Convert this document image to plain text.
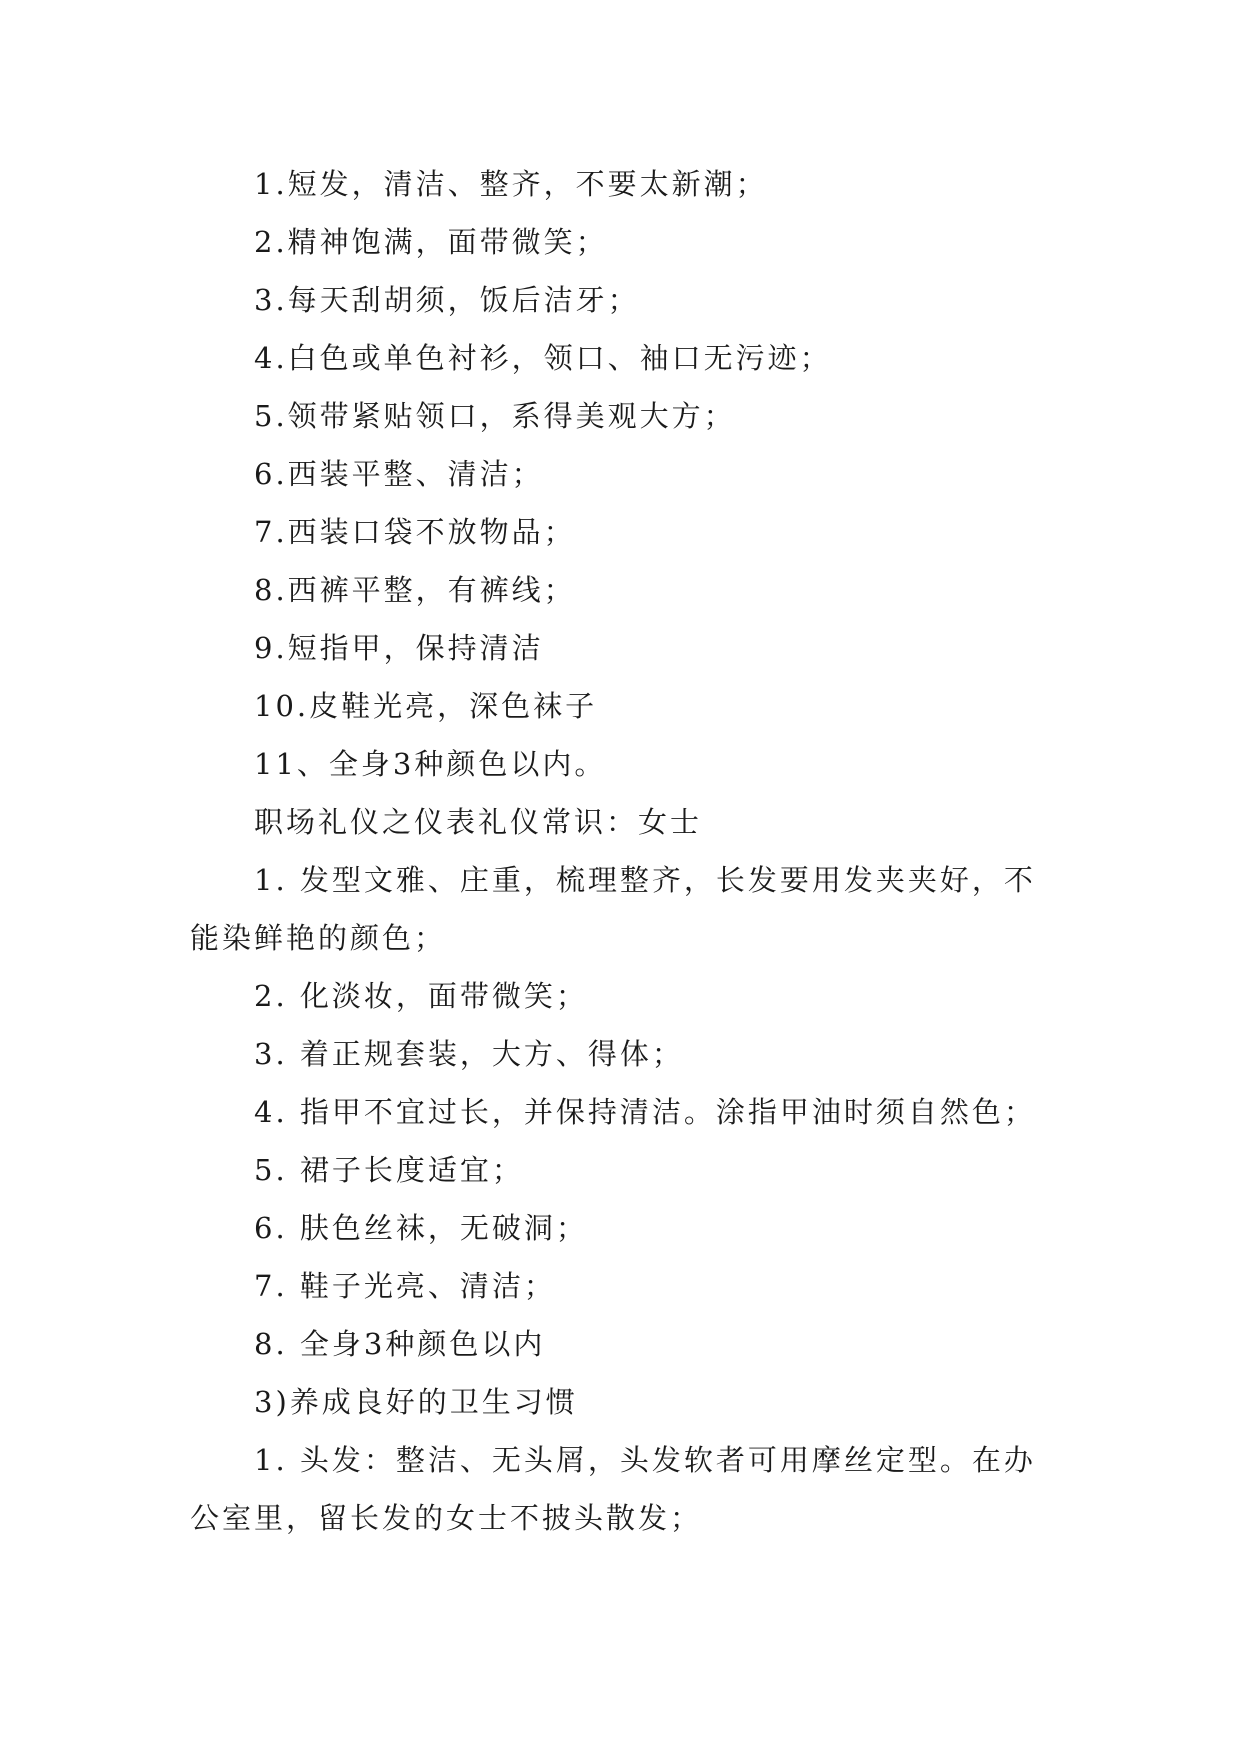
1.短发，清洁、整齐，不要太新潮；
2.精神饱满，面带微笑；
3.每天刮胡须，饭后洁牙；
4.白色或单色衬衫，领口、袖口无污迹；
5.领带紧贴领口，系得美观大方；
6.西装平整、清洁；
7.西装口袋不放物品；
8.西裤平整，有裤线；
9.短指甲，保持清洁
10.皮鞋光亮，深色袜子
11、全身3种颜色以内。
职场礼仪之仪表礼仪常识：女士
1. 发型文雅、庄重，梳理整齐，长发要用发夹夹好，不能染鲜艳的颜色；
2. 化淡妆，面带微笑；
3. 着正规套装，大方、得体；
4. 指甲不宜过长，并保持清洁。涂指甲油时须自然色；
5. 裙子长度适宜；
6. 肤色丝袜，无破洞；
7. 鞋子光亮、清洁；
8. 全身3种颜色以内
3)养成良好的卫生习惯
1. 头发：整洁、无头屑，头发软者可用摩丝定型。在办公室里，留长发的女士不披头散发；
